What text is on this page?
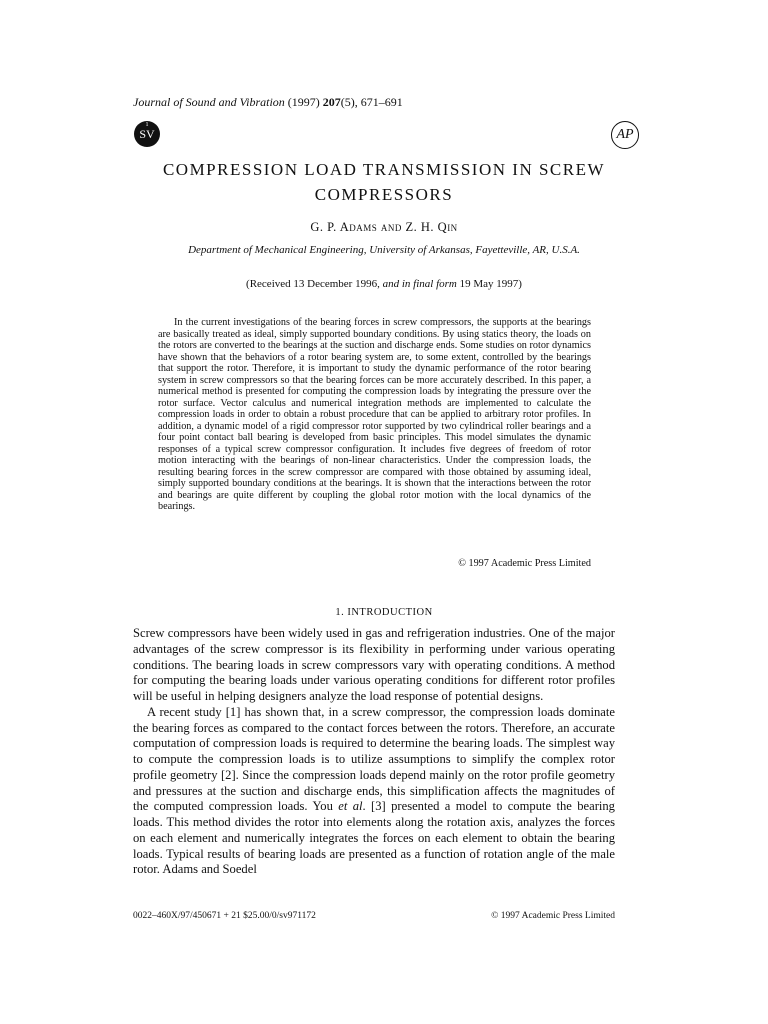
Journal of Sound and Vibration (1997) 207(5), 671–691
1
SV	AP
COMPRESSION LOAD TRANSMISSION IN SCREW COMPRESSORS
G. P. Adams and Z. H. Qin
Department of Mechanical Engineering, University of Arkansas, Fayetteville, AR, U.S.A.
(Received 13 December 1996, and in final form 19 May 1997)

In the current investigations of the bearing forces in screw compressors, the supports at the bearings are basically treated as ideal, simply supported boundary conditions. By using statics theory, the loads on the rotors are converted to the bearings at the suction and discharge ends. Some studies on rotor dynamics have shown that the behaviors of a rotor bearing system are, to some extent, controlled by the bearings that support the rotor. Therefore, it is important to study the dynamic performance of the rotor bearing system in screw compressors so that the bearing forces can be more accurately described. In this paper, a numerical method is presented for computing the compression loads by integrating the pressure over the rotor surface. Vector calculus and numerical integration methods are implemented to calculate the compression loads in order to obtain a robust procedure that can be applied to arbitrary rotor profiles. In addition, a dynamic model of a rigid compressor rotor supported by two cylindrical roller bearings and a four point contact ball bearing is developed from basic principles. This model simulates the dynamic responses of a typical screw compressor configuration. It includes five degrees of freedom of rotor motion interacting with the bearings of non-linear characteristics. Under the compression loads, the resulting bearing forces in the screw compressor are compared with those obtained by assuming ideal, simply supported boundary conditions at the bearings. It is shown that the interactions between the rotor and bearings are quite different by coupling the global rotor motion with the local dynamics of the bearings.

© 1997 Academic Press Limited
1. INTRODUCTION

Screw compressors have been widely used in gas and refrigeration industries. One of the major advantages of the screw compressor is its flexibility in performing under various operating conditions. The bearing loads in screw compressors vary with operating conditions. A method for computing the bearing loads under various operating conditions for different rotor profiles will be useful in helping designers analyze the load response of potential designs.

A recent study [1] has shown that, in a screw compressor, the compression loads dominate the bearing forces as compared to the contact forces between the rotors. Therefore, an accurate computation of compression loads is required to determine the bearing loads. The simplest way to compute the compression loads is to utilize assumptions to simplify the complex rotor profile geometry [2]. Since the compression loads depend mainly on the rotor profile geometry and pressures at the suction and discharge ends, this simplification affects the magnitudes of the computed compression loads. You et al. [3] presented a model to compute the bearing loads. This method divides the rotor into elements along the rotation axis, analyzes the forces on each element and numerically integrates the forces on each element to obtain the bearing loads. Typical results of bearing loads are presented as a function of rotation angle of the male rotor. Adams and Soedel

0022–460X/97/450671 + 21 $25.00/0/sv971172	© 1997 Academic Press Limited
